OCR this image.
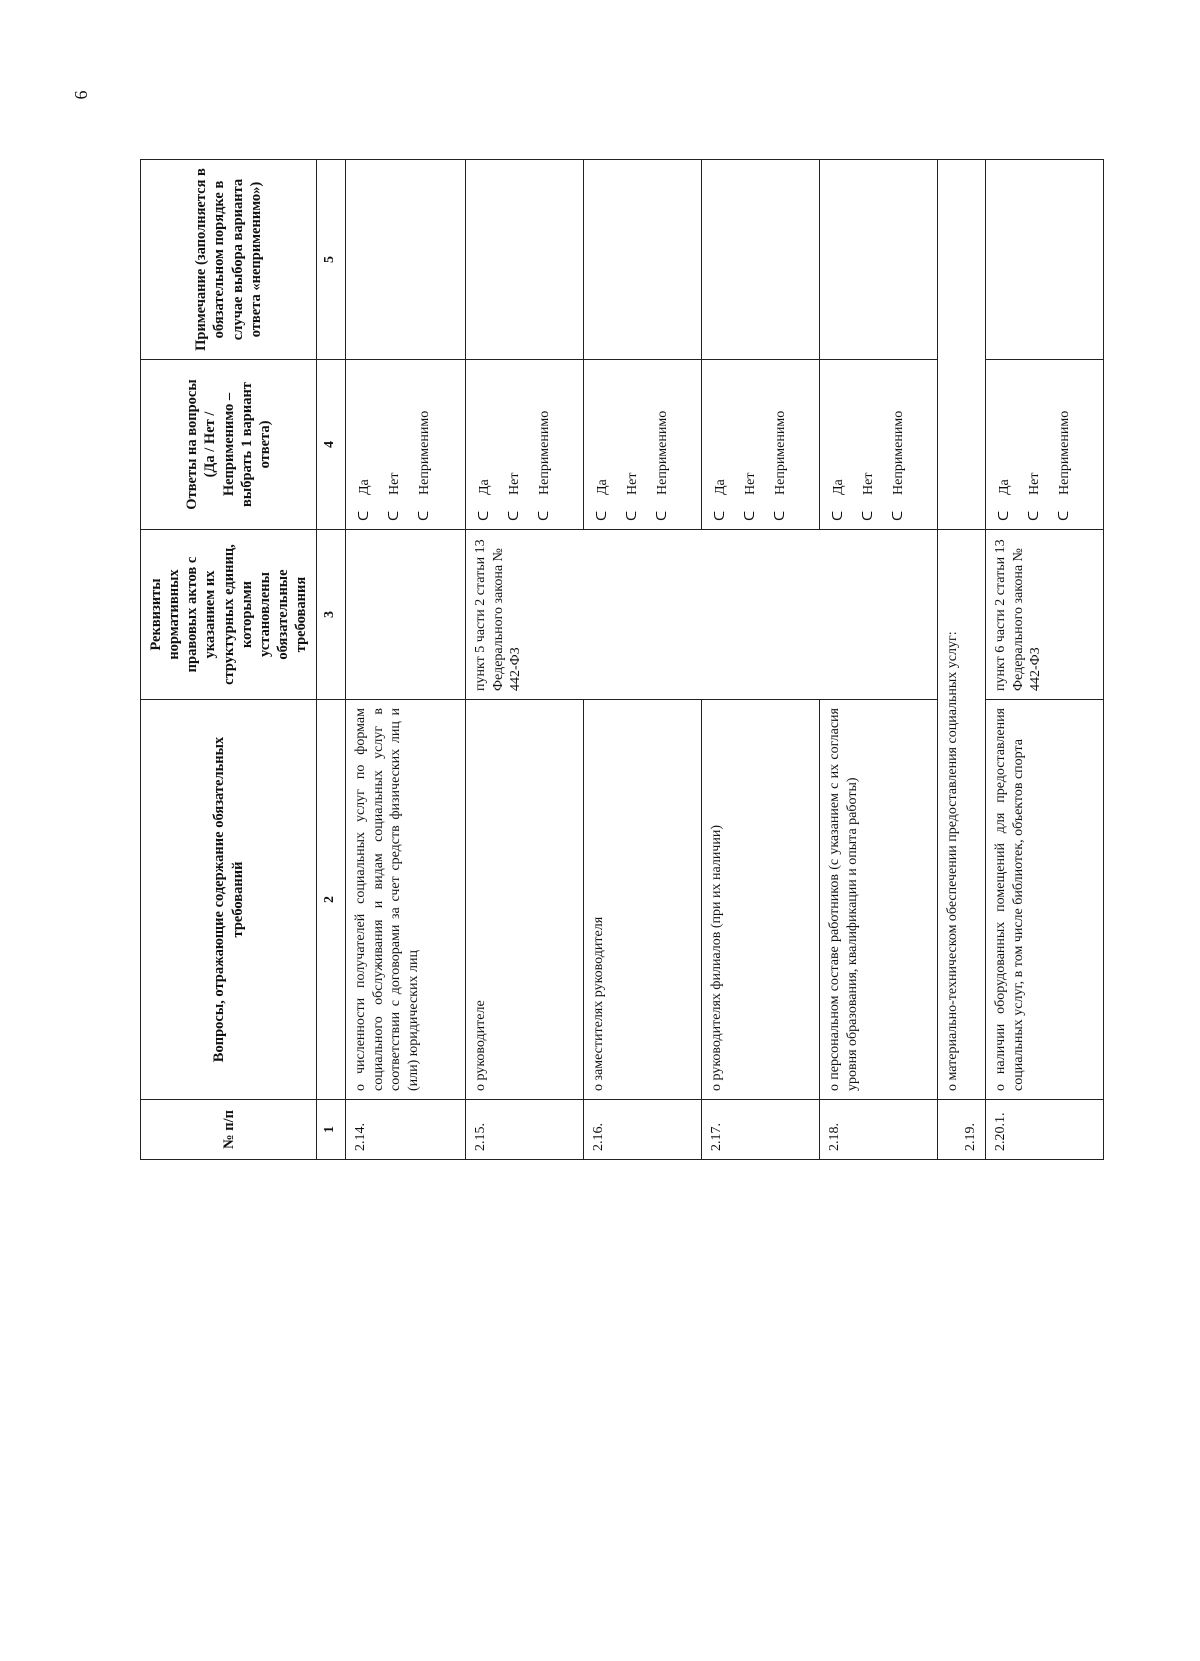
6
№ п/п	Вопросы, отражающие содержание обязательных требований	Реквизиты нормативных правовых актов с указанием их структурных единиц, которыми установлены обязательные требования	Ответы на вопросы (Да / Нет / Неприменимо – выбрать 1 вариант ответа)	Примечание (заполняется в обязательном порядке в случае выбора варианта ответа «неприменимо»)
1	2	3	4	5
2.14.	о численности получателей социальных услуг по формам социального обслуживания и видам социальных услуг в соответствии с договорами за счет средств физических лиц и (или) юридических лиц		ᑕДа
ᑕНет
ᑕНеприменимо	

2.15.	о руководителе	пункт 5 части 2 статьи 13 Федерального закона № 442-ФЗ	ᑕДа
ᑕНет
ᑕНеприменимо	

2.16.	о заместителях руководителя		ᑕДа
ᑕНет
ᑕНеприменимо	

2.17.	о руководителях филиалов (при их наличии)		ᑕДа
ᑕНет
ᑕНеприменимо	

2.18.	о персональном составе работников (с указанием с их согласия уровня образования, квалификации и опыта работы)		ᑕДа
ᑕНет
ᑕНеприменимо	

2.19.	о материально-техническом обеспечении предоставления социальных услуг:			
2.20.1.	о наличии оборудованных помещений для предоставления социальных услуг, в том числе библиотек, объектов спорта	пункт 6 части 2 статьи 13 Федерального закона № 442-ФЗ	ᑕДа
ᑕНет
ᑕНеприменимо	
